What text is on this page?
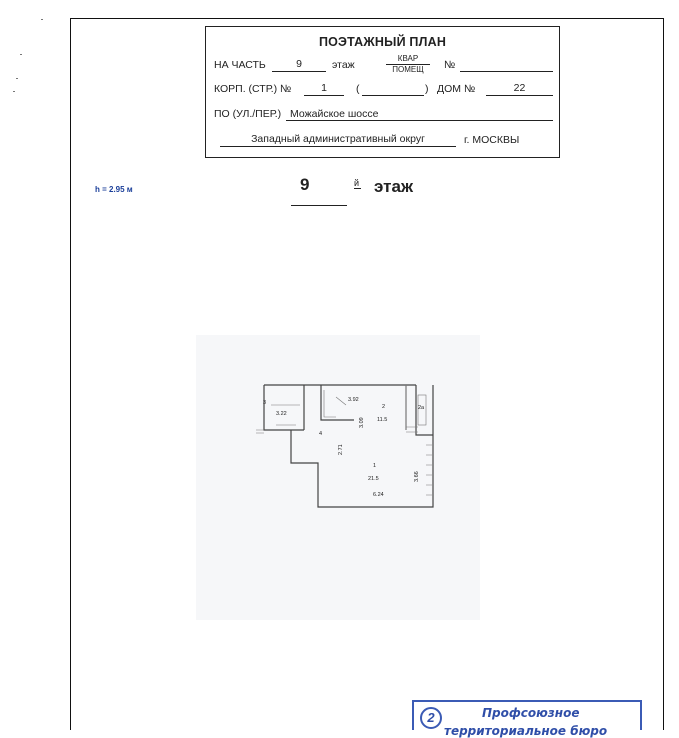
ПОЭТАЖНЫЙ ПЛАН
НА ЧАСТЬ	9	этаж
КВАР
ПОМЕЩ	№
КОРП. (СТР.) №	1	(	) ДОМ №	22
ПО (УЛ./ПЕР.) Можайское шоссе
Западный административный округ	г. МОСКВЫ
h = 2.95 м	9	й этаж
3
3.22
3.92
2
11.5
2а
4
3.09
2.71
1
21.5	3.66
6.24
2	Профсоюзное
территориальное бюро
